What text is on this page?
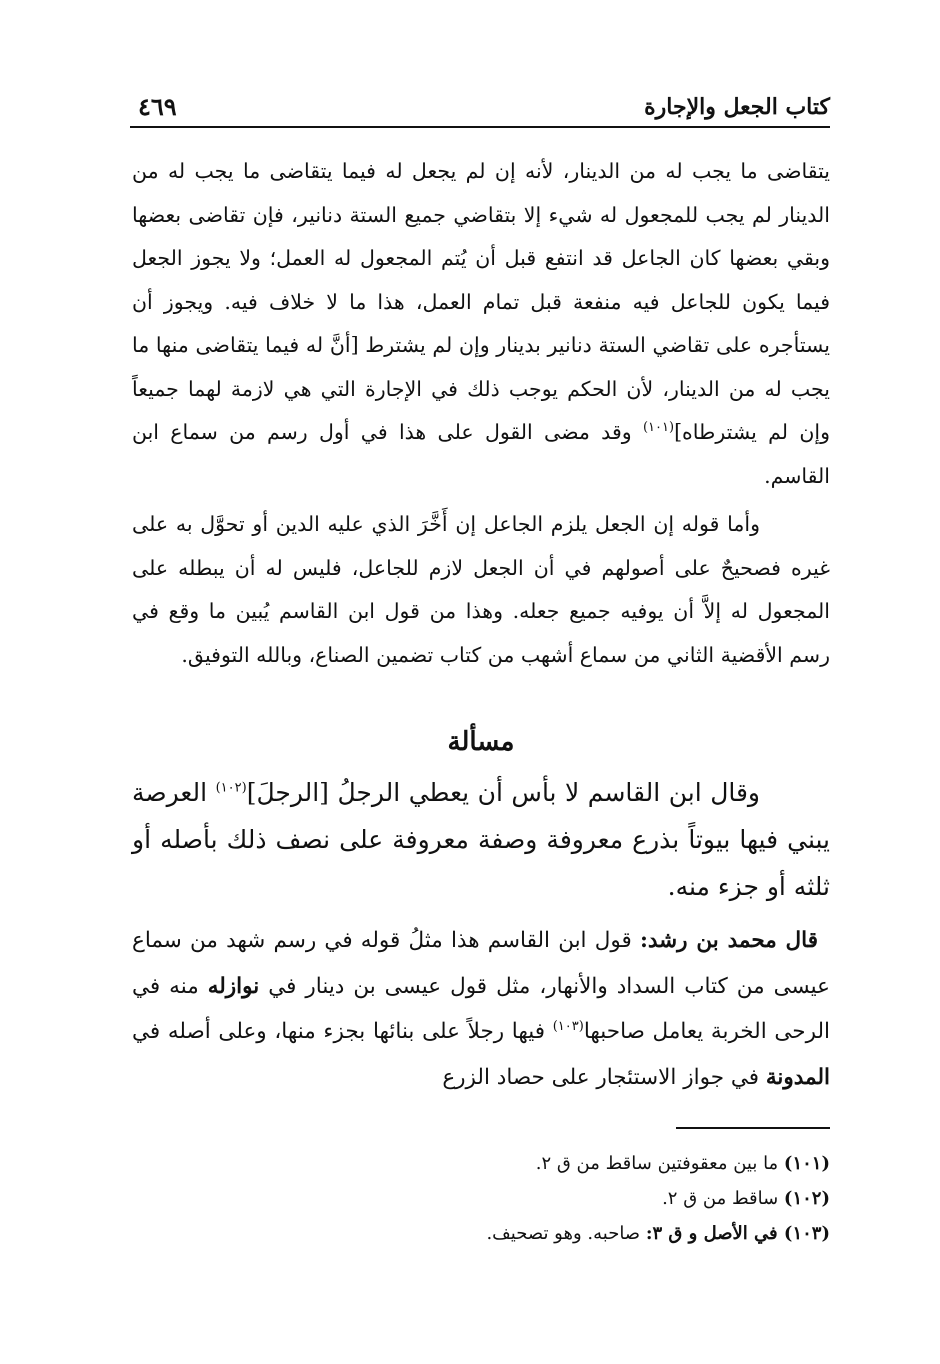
كتاب الجعل والإجارة
٤٦٩

يتقاضى ما يجب له من الدينار، لأنه إن لم يجعل له فيما يتقاضى ما يجب له من الدينار لم يجب للمجعول له شيء إلا بتقاضي جميع الستة دنانير، فإن تقاضى بعضها وبقي بعضها كان الجاعل قد انتفع قبل أن يُتم المجعول له العمل؛ ولا يجوز الجعل فيما يكون للجاعل فيه منفعة قبل تمام العمل، هذا ما لا خلاف فيه. ويجوز أن يستأجره على تقاضي الستة دنانير بدينار وإن لم يشترط [أنَّ له فيما يتقاضى منها ما يجب له من الدينار، لأن الحكم يوجب ذلك في الإجارة التي هي لازمة لهما جميعاً وإن لم يشترطاه]$^{(١٠١)}$ وقد مضى القول على هذا في أول رسم من سماع ابن القاسم.

وأما قوله إن الجعل يلزم الجاعل إن أَخَّرَ الذي عليه الدين أو تحوَّل به على غيره فصحيحٌ على أصولهم في أن الجعل لازم للجاعل، فليس له أن يبطله على المجعول له إلاَّ أن يوفيه جميع جعله. وهذا من قول ابن القاسم يُبين ما وقع في رسم الأقضية الثاني من سماع أشهب من كتاب تضمين الصناع، وبالله التوفيق.

مسألة

وقال ابن القاسم لا بأس أن يعطي الرجلُ [الرجلَ]$^{(١٠٢)}$ العرصة يبني فيها بيوتاً بذرع معروفة وصفة معروفة على نصف ذلك بأصله أو ثلثه أو جزء منه.

قال محمد بن رشد: قول ابن القاسم هذا مثلُ قوله في رسم شهد من سماع عيسى من كتاب السداد والأنهار، مثل قول عيسى بن دينار في نوازله منه في الرحى الخربة يعامل صاحبها$^{(١٠٣)}$ فيها رجلاً على بنائها بجزء منها، وعلى أصله في المدونة في جواز الاستئجار على حصاد الزرع

(١٠١) ما بين معقوفتين ساقط من ق ٢.
(١٠٢) ساقط من ق ٢.
(١٠٣) في الأصل و ق ٣: صاحبه. وهو تصحيف.
